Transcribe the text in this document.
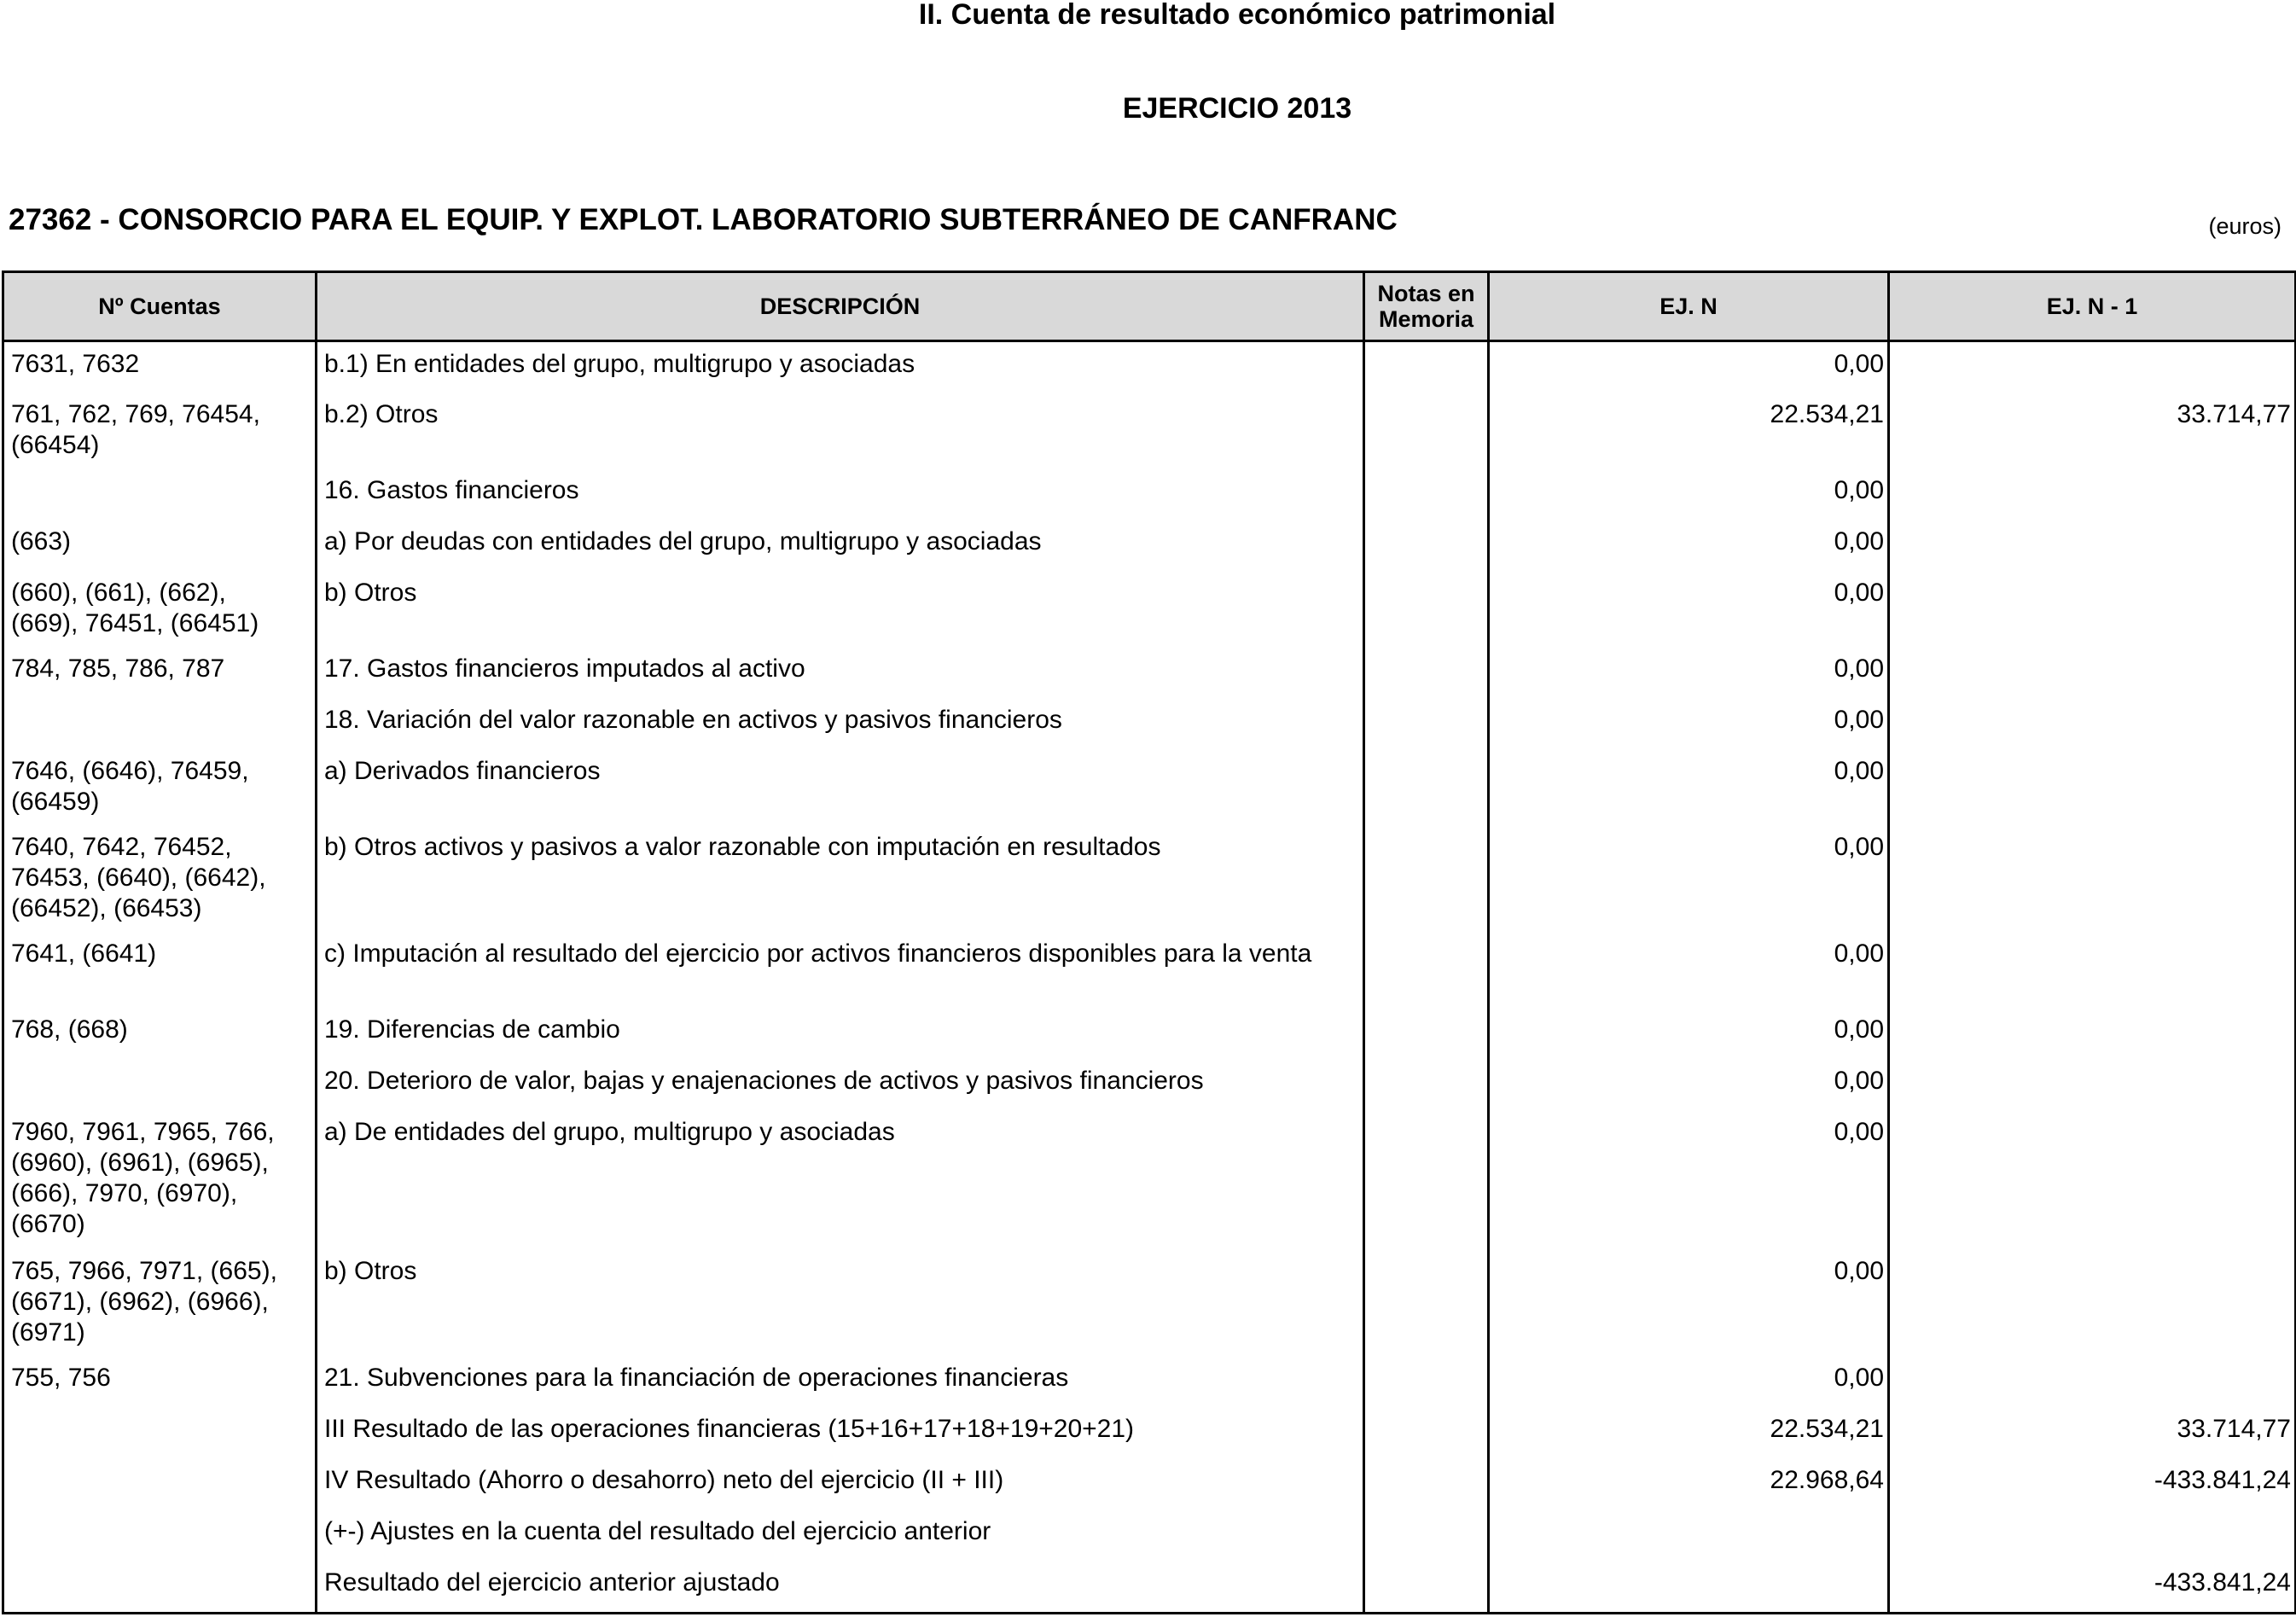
II. Cuenta de resultado económico patrimonial
EJERCICIO 2013
27362 - CONSORCIO PARA EL EQUIP. Y EXPLOT. LABORATORIO SUBTERRÁNEO DE CANFRANC	(euros)
Nº Cuentas	DESCRIPCIÓN	Notas en Memoria	EJ. N	EJ. N - 1
7631, 7632	b.1) En entidades del grupo, multigrupo y asociadas		0,00	
761, 762, 769, 76454,
(66454)	b.2) Otros		22.534,21	33.714,77
	16. Gastos financieros		0,00	
(663)	a) Por deudas con entidades del grupo, multigrupo y asociadas		0,00	
(660), (661), (662),
(669), 76451, (66451)	b) Otros		0,00	
784, 785, 786, 787	17. Gastos financieros imputados al activo		0,00	
	18. Variación del valor razonable en activos y pasivos financieros		0,00	
7646, (6646), 76459,
(66459)	a) Derivados financieros		0,00	
7640, 7642, 76452,
76453, (6640), (6642),
(66452), (66453)	b) Otros activos y pasivos a valor razonable con imputación en resultados		0,00	
7641, (6641)	c) Imputación al resultado del ejercicio por activos financieros disponibles para la venta		0,00	
768, (668)	19. Diferencias de cambio		0,00	
	20. Deterioro de valor, bajas y enajenaciones de activos y pasivos financieros		0,00	
7960, 7961, 7965, 766,
(6960), (6961), (6965),
(666), 7970, (6970),
(6670)	a) De entidades del grupo, multigrupo y asociadas		0,00	
765, 7966, 7971, (665),
(6671), (6962), (6966),
(6971)	b) Otros		0,00	
755, 756	21. Subvenciones para la financiación de operaciones financieras		0,00	
	III Resultado de las operaciones financieras (15+16+17+18+19+20+21)		22.534,21	33.714,77
	IV Resultado (Ahorro o desahorro) neto del ejercicio (II + III)		22.968,64	-433.841,24
	(+-) Ajustes en la cuenta del resultado del ejercicio anterior			
	Resultado del ejercicio anterior ajustado			-433.841,24
